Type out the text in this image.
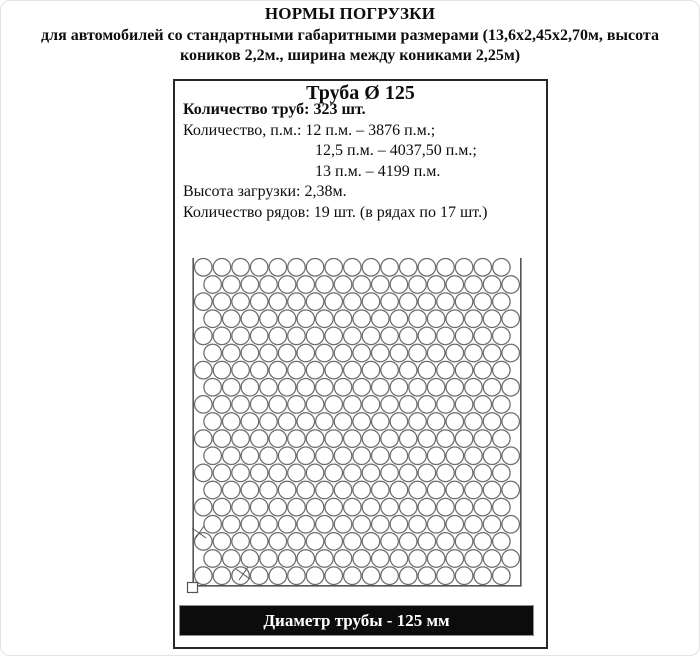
НОРМЫ ПОГРУЗКИ
для автомобилей со стандартными габаритными размерами (13,6х2,45х2,70м, высота
коников 2,2м., ширина между кониками 2,25м)
Труба Ø 125
Количество труб: 323 шт.
Количество, п.м.: 12 п.м. – 3876 п.м.;
12,5 п.м. – 4037,50 п.м.;
13 п.м. – 4199 п.м.
Высота загрузки: 2,38м.
Количество рядов: 19 шт. (в рядах по 17 шт.)
Диаметр трубы - 125 мм
